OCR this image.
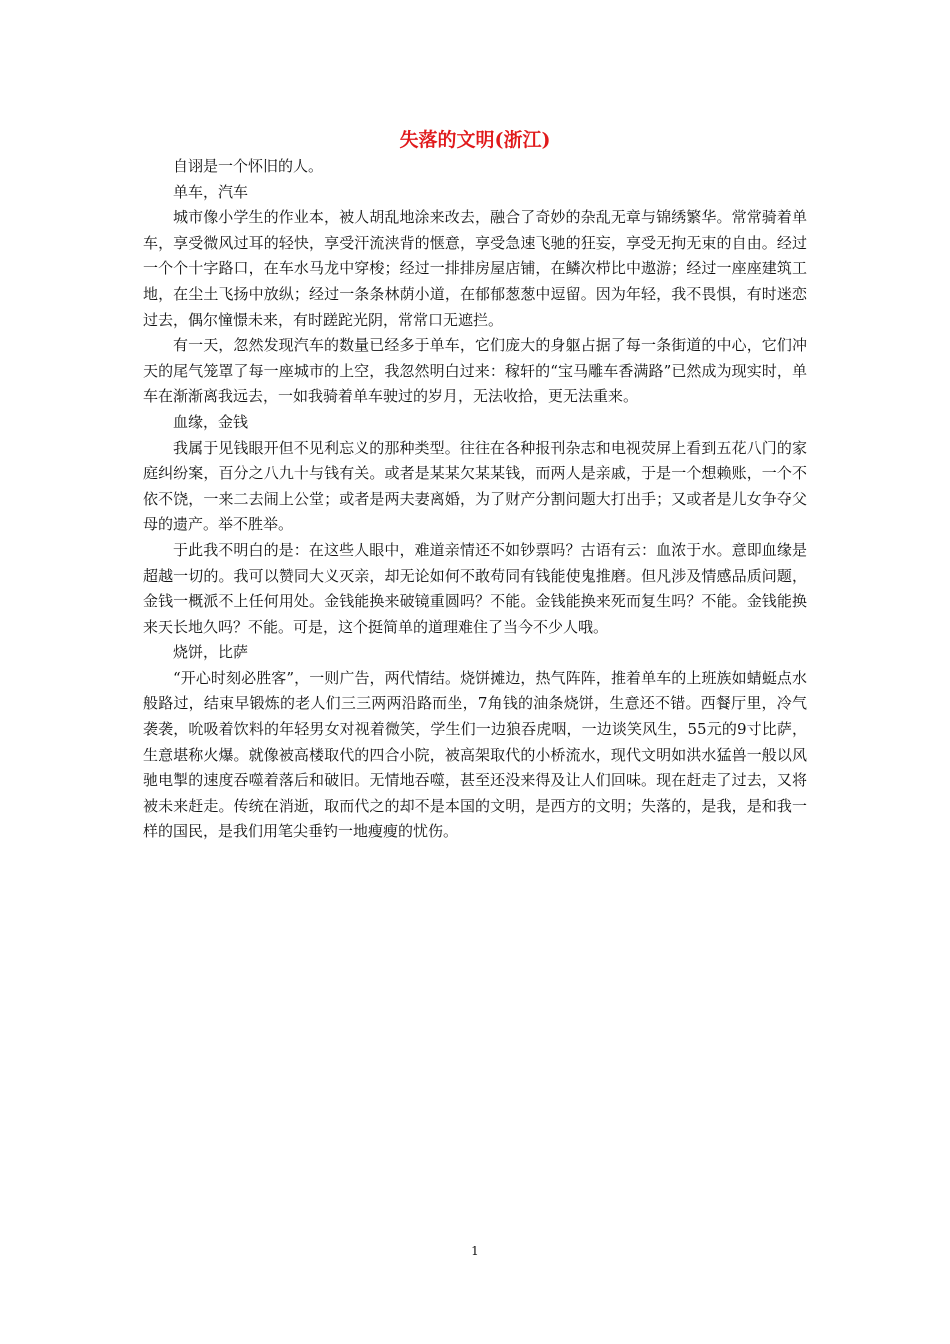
失落的文明(浙江)

自诩是一个怀旧的人。

单车，汽车

城市像小学生的作业本，被人胡乱地涂来改去，融合了奇妙的杂乱无章与锦绣繁华。常常骑着单车，享受微风过耳的轻快，享受汗流浃背的惬意，享受急速飞驰的狂妄，享受无拘无束的自由。经过一个个十字路口，在车水马龙中穿梭；经过一排排房屋店铺，在鳞次栉比中遨游；经过一座座建筑工地，在尘土飞扬中放纵；经过一条条林荫小道，在郁郁葱葱中逗留。因为年轻，我不畏惧，有时迷恋过去，偶尔憧憬未来，有时蹉跎光阴，常常口无遮拦。

有一天，忽然发现汽车的数量已经多于单车，它们庞大的身躯占据了每一条街道的中心，它们冲天的尾气笼罩了每一座城市的上空，我忽然明白过来：稼轩的“宝马雕车香满路”已然成为现实时，单车在渐渐离我远去，一如我骑着单车驶过的岁月，无法收拾，更无法重来。

血缘，金钱

我属于见钱眼开但不见利忘义的那种类型。往往在各种报刊杂志和电视荧屏上看到五花八门的家庭纠纷案，百分之八九十与钱有关。或者是某某欠某某钱，而两人是亲戚，于是一个想赖账，一个不依不饶，一来二去闹上公堂；或者是两夫妻离婚，为了财产分割问题大打出手；又或者是儿女争夺父母的遗产。举不胜举。

于此我不明白的是：在这些人眼中，难道亲情还不如钞票吗？古语有云：血浓于水。意即血缘是超越一切的。我可以赞同大义灭亲，却无论如何不敢苟同有钱能使鬼推磨。但凡涉及情感品质问题，金钱一概派不上任何用处。金钱能换来破镜重圆吗？不能。金钱能换来死而复生吗？不能。金钱能换来天长地久吗？不能。可是，这个挺简单的道理难住了当今不少人哦。

烧饼，比萨

“开心时刻必胜客”，一则广告，两代情结。烧饼摊边，热气阵阵，推着单车的上班族如蜻蜓点水般路过，结束早锻炼的老人们三三两两沿路而坐，7角钱的油条烧饼，生意还不错。西餐厅里，冷气袭袭，吮吸着饮料的年轻男女对视着微笑，学生们一边狼吞虎咽，一边谈笑风生，55元的9寸比萨，生意堪称火爆。就像被高楼取代的四合小院，被高架取代的小桥流水，现代文明如洪水猛兽一般以风驰电掣的速度吞噬着落后和破旧。无情地吞噬，甚至还没来得及让人们回味。现在赶走了过去，又将被未来赶走。传统在消逝，取而代之的却不是本国的文明，是西方的文明；失落的，是我，是和我一样的国民，是我们用笔尖垂钓一地瘦瘦的忧伤。

1
